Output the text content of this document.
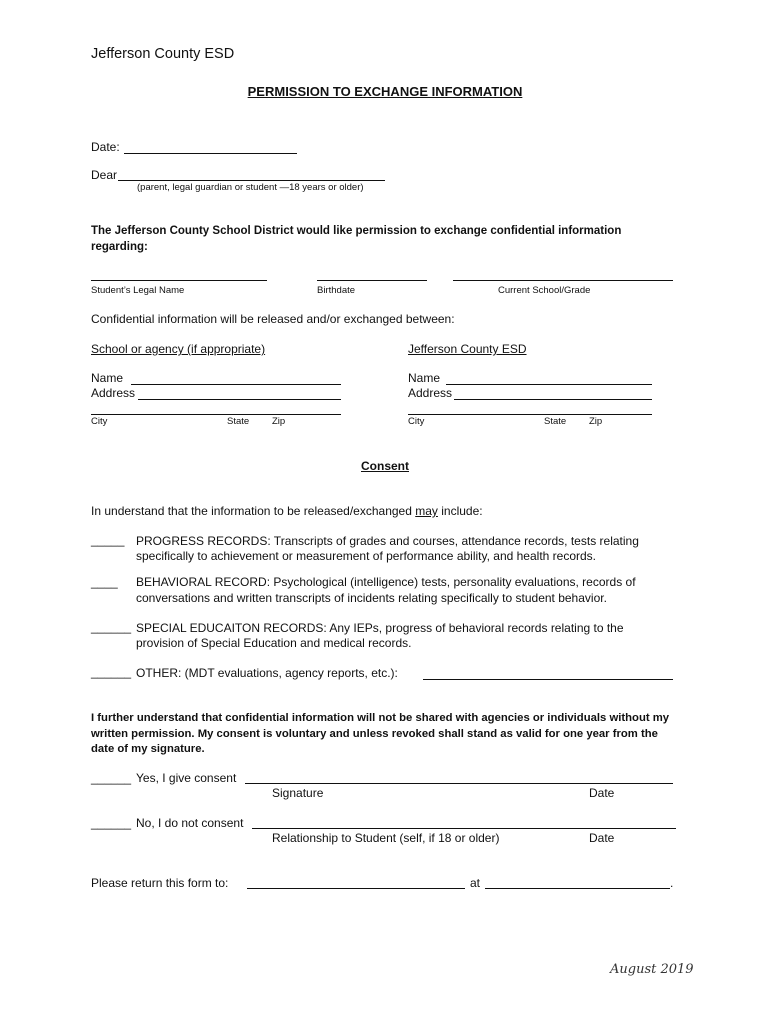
Jefferson County ESD
PERMISSION TO EXCHANGE INFORMATION
Date:
Dear
(parent, legal guardian or student —18 years or older)
The Jefferson County School District would like permission to exchange confidential information regarding:
Student’s Legal Name	Birthdate	Current School/Grade
Confidential information will be released and/or exchanged between:
School or agency (if appropriate)	Jefferson County ESD
Name
Address
City	State Zip
Name
Address
City	State Zip
Consent
In understand that the information to be released/exchanged may include:
_____ PROGRESS RECORDS: Transcripts of grades and courses, attendance records, tests relating
specifically to achievement or measurement of performance ability, and health records.
____ BEHAVIORAL RECORD: Psychological (intelligence) tests, personality evaluations, records of
conversations and written transcripts of incidents relating specifically to student behavior.
______ SPECIAL EDUCAITON RECORDS: Any IEPs, progress of behavioral records relating to the
provision of Special Education and medical records.
______ OTHER: (MDT evaluations, agency reports, etc.):
I further understand that confidential information will not be shared with agencies or individuals without my written permission. My consent is voluntary and unless revoked shall stand as valid for one year from the date of my signature.
______ Yes, I give consent
Signature	Date
______ No, I do not consent
Relationship to Student (self, if 18 or older)	Date
Please return this form to:	at	.
August 2019
